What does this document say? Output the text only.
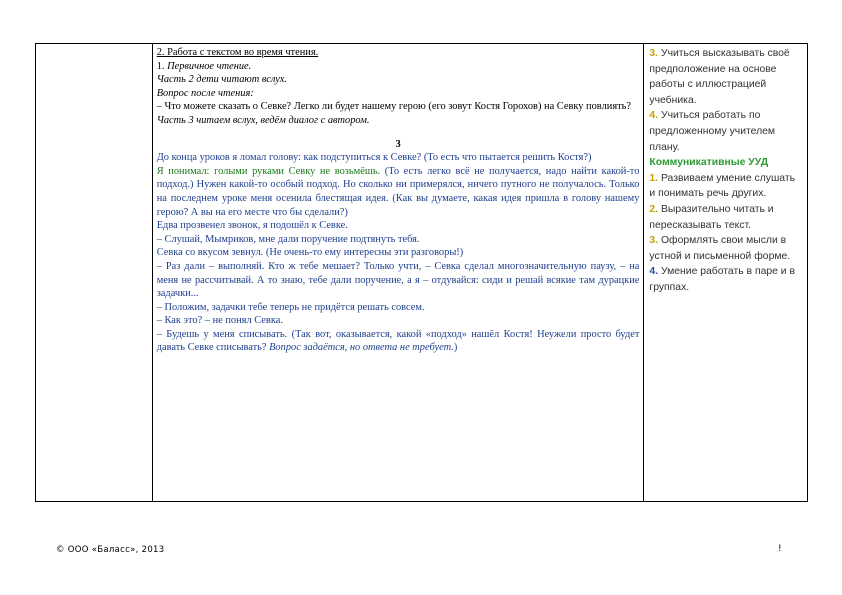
2. Работа с текстом во время чтения.

1. Первичное чтение.

Часть 2 дети читают вслух.

Вопрос после чтения:

– Что можете сказать о Севке? Легко ли будет нашему герою (его зовут Костя Горохов) на Севку повлиять?

Часть 3 читаем вслух, ведём диалог с автором.

3

До конца уроков я ломал голову: как подступиться к Севке? (То есть что пытается решить Костя?)

Я понимал: голыми руками Севку не возьмёшь. (То есть легко всё не получается, надо найти какой-то подход.) Нужен какой-то особый подход. Но сколько ни примерялся, ничего путного не получалось. Только на последнем уроке меня осенила блестящая идея. (Как вы думаете, какая идея пришла в голову нашему герою? А вы на его месте что бы сделали?)

Едва прозвенел звонок, я подошёл к Севке.

– Слушай, Мымриков, мне дали поручение подтянуть тебя.

Севка со вкусом зевнул. (Не очень-то ему интересны эти разговоры!)

– Раз дали – выполняй. Кто ж тебе мешает? Только учти, – Севка сделал многозначительную паузу, – на меня не рассчитывай. А то знаю, тебе дали поручение, а я – отдувайся: сиди и решай всякие там дурацкие задачки...

– Положим, задачки тебе теперь не придётся решать совсем.

– Как это? – не понял Севка.

– Будешь у меня списывать. (Так вот, оказывается, какой «подход» нашёл Костя! Неужели просто будет давать Севке списывать? Вопрос задаётся, но ответа не требует.)

3. Учиться высказывать своё предположение на основе работы с иллюстрацией учебника.

4. Учиться работать по предложенному учителем плану.

Коммуникативные УУД

1. Развиваем умение слушать и понимать речь других.

2. Выразительно читать и пересказывать текст.

3. Оформлять свои мысли в устной и письменной форме.

4. Умение работать в паре и в группах.

© ООО «Баласс», 2013	!
